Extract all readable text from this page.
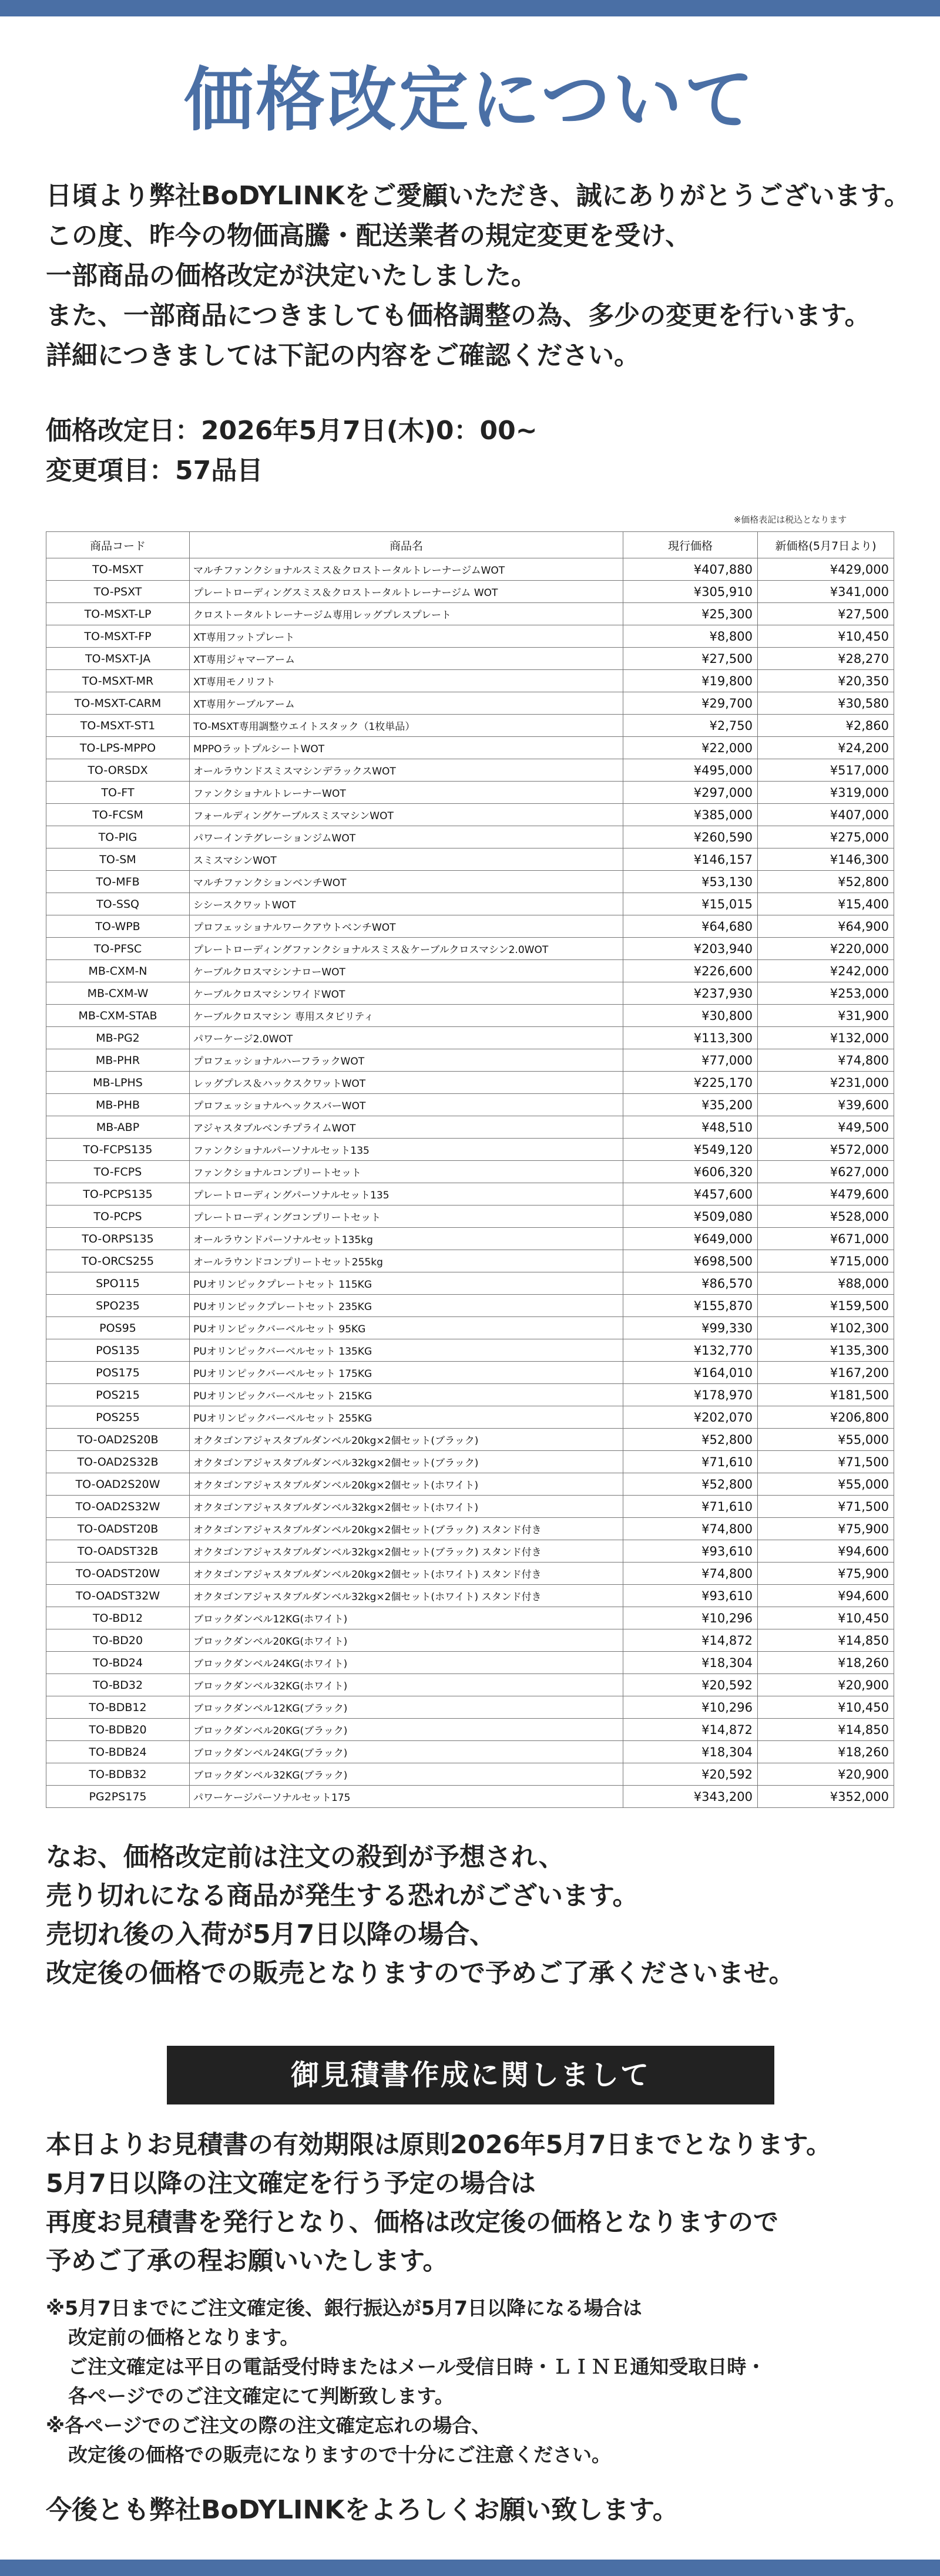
価格改定について
日頃より弊社BoDYLINKをご愛顧いただき、誠にありがとうございます。
この度、昨今の物価高騰・配送業者の規定変更を受け、
一部商品の価格改定が決定いたしました。
また、一部商品につきましても価格調整の為、多少の変更を行います。
詳細につきましては下記の内容をご確認ください。
価格改定日：2026年5月7日(木)0：00~
変更項目：57品目
※価格表記は税込となります
商品コード	商品名	現行価格	新価格(5月7日より)
TO-MSXT	マルチファンクショナルスミス＆クロストータルトレーナージムWOT	¥407,880	¥429,000
TO-PSXT	プレートローディングスミス＆クロストータルトレーナージム WOT	¥305,910	¥341,000
TO-MSXT-LP	クロストータルトレーナージム専用レッグプレスプレート	¥25,300	¥27,500
TO-MSXT-FP	XT専用フットプレート	¥8,800	¥10,450
TO-MSXT-JA	XT専用ジャマーアーム	¥27,500	¥28,270
TO-MSXT-MR	XT専用モノリフト	¥19,800	¥20,350
TO-MSXT-CARM	XT専用ケーブルアーム	¥29,700	¥30,580
TO-MSXT-ST1	TO-MSXT専用調整ウエイトスタック（1枚単品）	¥2,750	¥2,860
TO-LPS-MPPO	MPPOラットプルシートWOT	¥22,000	¥24,200
TO-ORSDX	オールラウンドスミスマシンデラックスWOT	¥495,000	¥517,000
TO-FT	ファンクショナルトレーナーWOT	¥297,000	¥319,000
TO-FCSM	フォールディングケーブルスミスマシンWOT	¥385,000	¥407,000
TO-PIG	パワーインテグレーションジムWOT	¥260,590	¥275,000
TO-SM	スミスマシンWOT	¥146,157	¥146,300
TO-MFB	マルチファンクションベンチWOT	¥53,130	¥52,800
TO-SSQ	シシースクワットWOT	¥15,015	¥15,400
TO-WPB	プロフェッショナルワークアウトベンチWOT	¥64,680	¥64,900
TO-PFSC	プレートローディングファンクショナルスミス＆ケーブルクロスマシン2.0WOT	¥203,940	¥220,000
MB-CXM-N	ケーブルクロスマシンナローWOT	¥226,600	¥242,000
MB-CXM-W	ケーブルクロスマシンワイドWOT	¥237,930	¥253,000
MB-CXM-STAB	ケーブルクロスマシン 専用スタビリティ	¥30,800	¥31,900
MB-PG2	パワーケージ2.0WOT	¥113,300	¥132,000
MB-PHR	プロフェッショナルハーフラックWOT	¥77,000	¥74,800
MB-LPHS	レッグプレス＆ハックスクワットWOT	¥225,170	¥231,000
MB-PHB	プロフェッショナルヘックスバーWOT	¥35,200	¥39,600
MB-ABP	アジャスタブルベンチプライムWOT	¥48,510	¥49,500
TO-FCPS135	ファンクショナルパーソナルセット135	¥549,120	¥572,000
TO-FCPS	ファンクショナルコンプリートセット	¥606,320	¥627,000
TO-PCPS135	プレートローディングパーソナルセット135	¥457,600	¥479,600
TO-PCPS	プレートローディングコンプリートセット	¥509,080	¥528,000
TO-ORPS135	オールラウンドパーソナルセット135kg	¥649,000	¥671,000
TO-ORCS255	オールラウンドコンプリートセット255kg	¥698,500	¥715,000
SPO115	PUオリンピックプレートセット 115KG	¥86,570	¥88,000
SPO235	PUオリンピックプレートセット 235KG	¥155,870	¥159,500
POS95	PUオリンピックバーベルセット 95KG	¥99,330	¥102,300
POS135	PUオリンピックバーベルセット 135KG	¥132,770	¥135,300
POS175	PUオリンピックバーベルセット 175KG	¥164,010	¥167,200
POS215	PUオリンピックバーベルセット 215KG	¥178,970	¥181,500
POS255	PUオリンピックバーベルセット 255KG	¥202,070	¥206,800
TO-OAD2S20B	オクタゴンアジャスタブルダンベル20kg×2個セット(ブラック)	¥52,800	¥55,000
TO-OAD2S32B	オクタゴンアジャスタブルダンベル32kg×2個セット(ブラック)	¥71,610	¥71,500
TO-OAD2S20W	オクタゴンアジャスタブルダンベル20kg×2個セット(ホワイト)	¥52,800	¥55,000
TO-OAD2S32W	オクタゴンアジャスタブルダンベル32kg×2個セット(ホワイト)	¥71,610	¥71,500
TO-OADST20B	オクタゴンアジャスタブルダンベル20kg×2個セット(ブラック) スタンド付き	¥74,800	¥75,900
TO-OADST32B	オクタゴンアジャスタブルダンベル32kg×2個セット(ブラック) スタンド付き	¥93,610	¥94,600
TO-OADST20W	オクタゴンアジャスタブルダンベル20kg×2個セット(ホワイト) スタンド付き	¥74,800	¥75,900
TO-OADST32W	オクタゴンアジャスタブルダンベル32kg×2個セット(ホワイト) スタンド付き	¥93,610	¥94,600
TO-BD12	ブロックダンベル12KG(ホワイト)	¥10,296	¥10,450
TO-BD20	ブロックダンベル20KG(ホワイト)	¥14,872	¥14,850
TO-BD24	ブロックダンベル24KG(ホワイト)	¥18,304	¥18,260
TO-BD32	ブロックダンベル32KG(ホワイト)	¥20,592	¥20,900
TO-BDB12	ブロックダンベル12KG(ブラック)	¥10,296	¥10,450
TO-BDB20	ブロックダンベル20KG(ブラック)	¥14,872	¥14,850
TO-BDB24	ブロックダンベル24KG(ブラック)	¥18,304	¥18,260
TO-BDB32	ブロックダンベル32KG(ブラック)	¥20,592	¥20,900
PG2PS175	パワーケージパーソナルセット175	¥343,200	¥352,000
なお、価格改定前は注文の殺到が予想され、
売り切れになる商品が発生する恐れがございます。
売切れ後の入荷が5月7日以降の場合、
改定後の価格での販売となりますので予めご了承くださいませ。
御見積書作成に関しまして
本日よりお見積書の有効期限は原則2026年5月7日までとなります。
5月7日以降の注文確定を行う予定の場合は
再度お見積書を発行となり、価格は改定後の価格となりますので
予めご了承の程お願いいたします。
※5月7日までにご注文確定後、銀行振込が5月7日以降になる場合は
改定前の価格となります。
ご注文確定は平日の電話受付時またはメール受信日時・ＬＩＮＥ通知受取日時・
各ページでのご注文確定にて判断致します。
※各ページでのご注文の際の注文確定忘れの場合、
改定後の価格での販売になりますので十分にご注意ください。
今後とも弊社BoDYLINKをよろしくお願い致します。
